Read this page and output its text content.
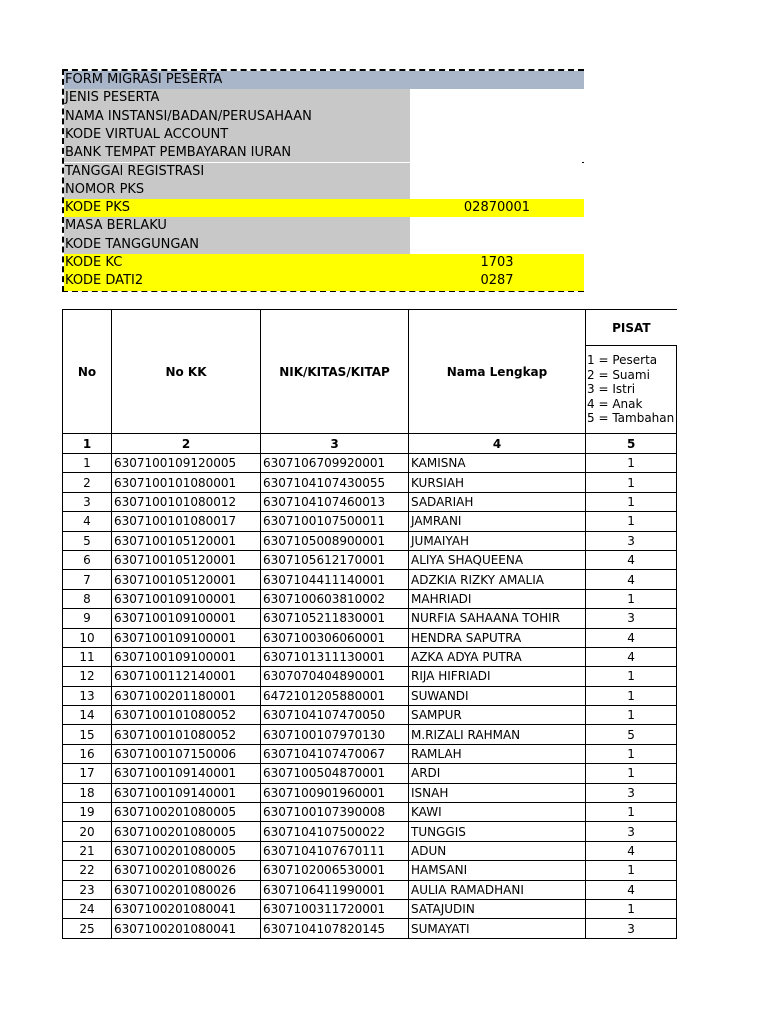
FORM MIGRASI PESERTA
JENIS PESERTA
NAMA INSTANSI/BADAN/PERUSAHAAN
KODE VIRTUAL ACCOUNT
BANK TEMPAT PEMBAYARAN IURAN
TANGGAl REGISTRASI
NOMOR PKS
KODE PKS	02870001
MASA BERLAKU
KODE TANGGUNGAN
KODE KC	1703
KODE DATI2	0287
No	No KK	NIK/KITAS/KITAP	Nama Lengkap	PISAT

				1 = Peserta
2 = Suami
3 = Istri
4 = Anak
5 = Tambahan

1	2	3	4	5
1	6307100109120005	6307106709920001	KAMISNA	1
2	6307100101080001	6307104107430055	KURSIAH	1
3	6307100101080012	6307104107460013	SADARIAH	1
4	6307100101080017	6307100107500011	JAMRANI	1
5	6307100105120001	6307105008900001	JUMAIYAH	3
6	6307100105120001	6307105612170001	ALIYA SHAQUEENA	4
7	6307100105120001	6307104411140001	ADZKIA RIZKY AMALIA	4
8	6307100109100001	6307100603810002	MAHRIADI	1
9	6307100109100001	6307105211830001	NURFIA SAHAANA TOHIR	3
10	6307100109100001	6307100306060001	HENDRA SAPUTRA	4
11	6307100109100001	6307101311130001	AZKA ADYA PUTRA	4
12	6307100112140001	6307070404890001	RIJA HIFRIADI	1
13	6307100201180001	6472101205880001	SUWANDI	1
14	6307100101080052	6307104107470050	SAMPUR	1
15	6307100101080052	6307100107970130	M.RIZALI RAHMAN	5
16	6307100107150006	6307104107470067	RAMLAH	1
17	6307100109140001	6307100504870001	ARDI	1
18	6307100109140001	6307100901960001	ISNAH	3
19	6307100201080005	6307100107390008	KAWI	1
20	6307100201080005	6307104107500022	TUNGGIS	3
21	6307100201080005	6307104107670111	ADUN	4
22	6307100201080026	6307102006530001	HAMSANI	1
23	6307100201080026	6307106411990001	AULIA RAMADHANI	4
24	6307100201080041	6307100311720001	SATAJUDIN	1
25	6307100201080041	6307104107820145	SUMAYATI	3
